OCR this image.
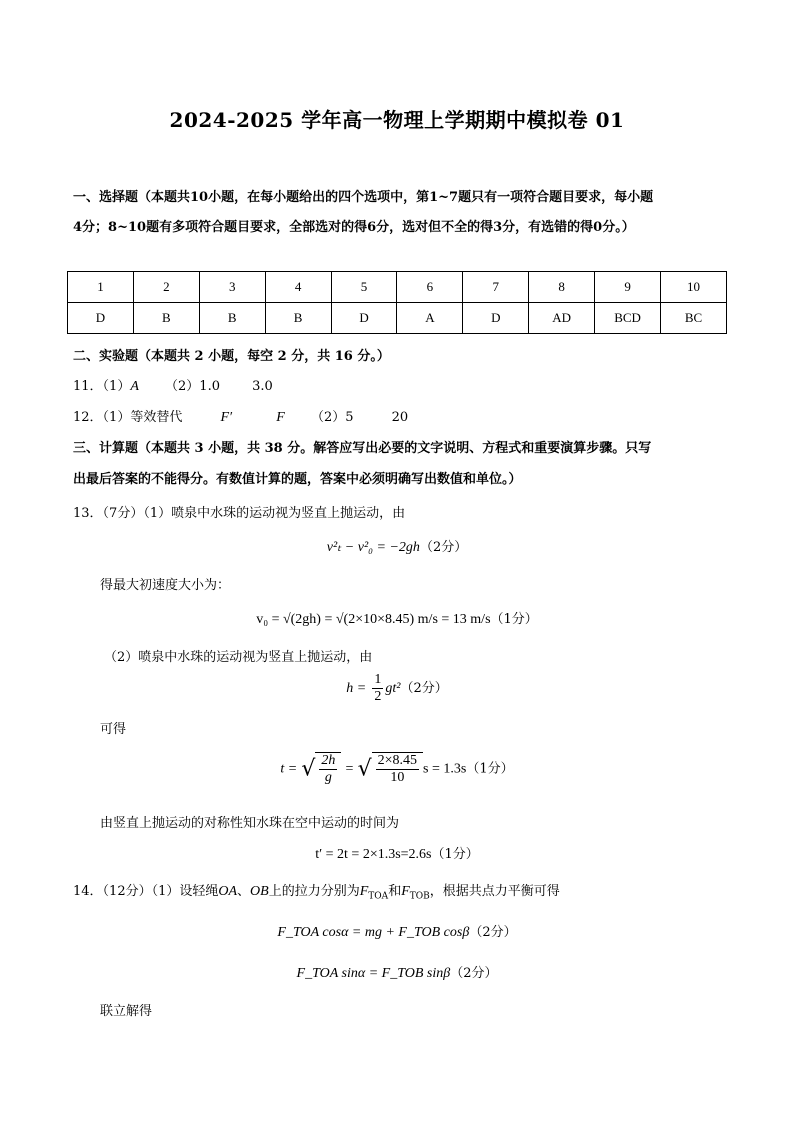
2024-2025 学年高一物理上学期期中模拟卷 01
一、选择题（本题共10小题，在每小题给出的四个选项中，第1~7题只有一项符合题目要求，每小题
4分；8~10题有多项符合题目要求，全部选对的得6分，选对但不全的得3分，有选错的得0分。）
1	2	3	4	5	6	7	8	9	10
D	B	B	B	D	A	D	AD	BCD	BC
二、实验题（本题共 2 小题，每空 2 分，共 16 分。）
11．（1）A （2）1.0 3.0
12．（1）等效替代	F′	F （2）5	20
三、计算题（本题共 3 小题，共 38 分。解答应写出必要的文字说明、方程式和重要演算步骤。只写
出最后答案的不能得分。有数值计算的题，答案中必须明确写出数值和单位。）
13．（7分）（1）喷泉中水珠的运动视为竖直上抛运动，由
v²ₜ − v²₀ = −2gh（2分）
得最大初速度大小为：
v₀ = √(2gh) = √(2×10×8.45) m/s = 13 m/s（1分）
（2）喷泉中水珠的运动视为竖直上抛运动，由
$h = \frac{1}{2} gt^2(2$分）
可得
t = √ $\frac{2h}{g}$ = √ $\frac{2\times 8.45}{10}$ s = 1.3s（1分）
由竖直上抛运动的对称性知水珠在空中运动的时间为
t′ = 2t = 2×1.3s=2.6s（1分）
14．（12分）（1）设轻绳OA、OB上的拉力分别为$F_{TOA}$和$F_{TOB}$，根据共点力平衡可得
F_TOA cosα = mg + F_TOB cosβ（2分）
F_TOA sinα = F_TOB sinβ（2分）
联立解得
